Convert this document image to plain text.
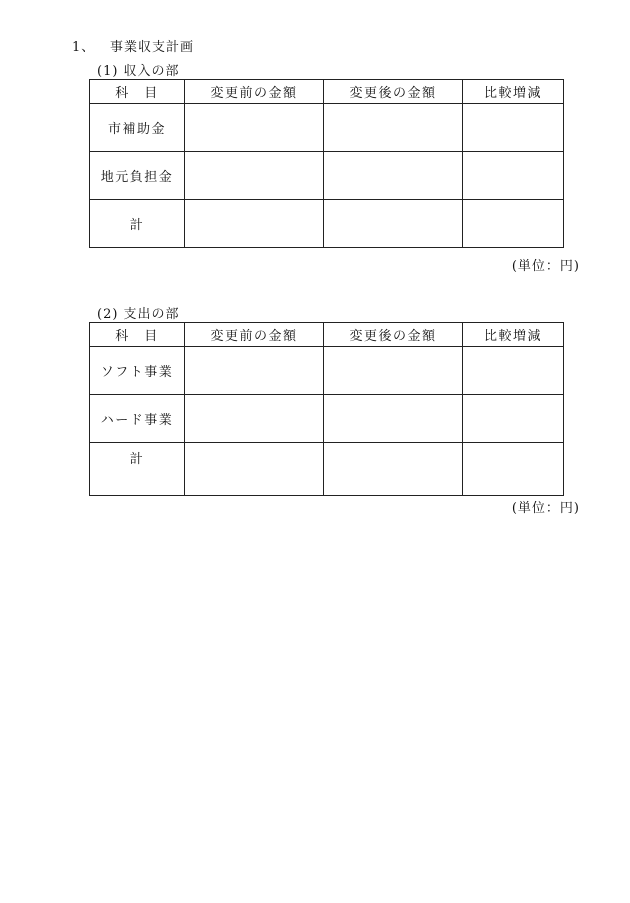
1、 事業収支計画
(1) 収入の部
科　目	変更前の金額	変更後の金額	比較増減
市補助金			
地元負担金			
計			
(単位：円)
(2) 支出の部
科　目	変更前の金額	変更後の金額	比較増減
ソフト事業			
ハード事業			
計			
(単位：円)
